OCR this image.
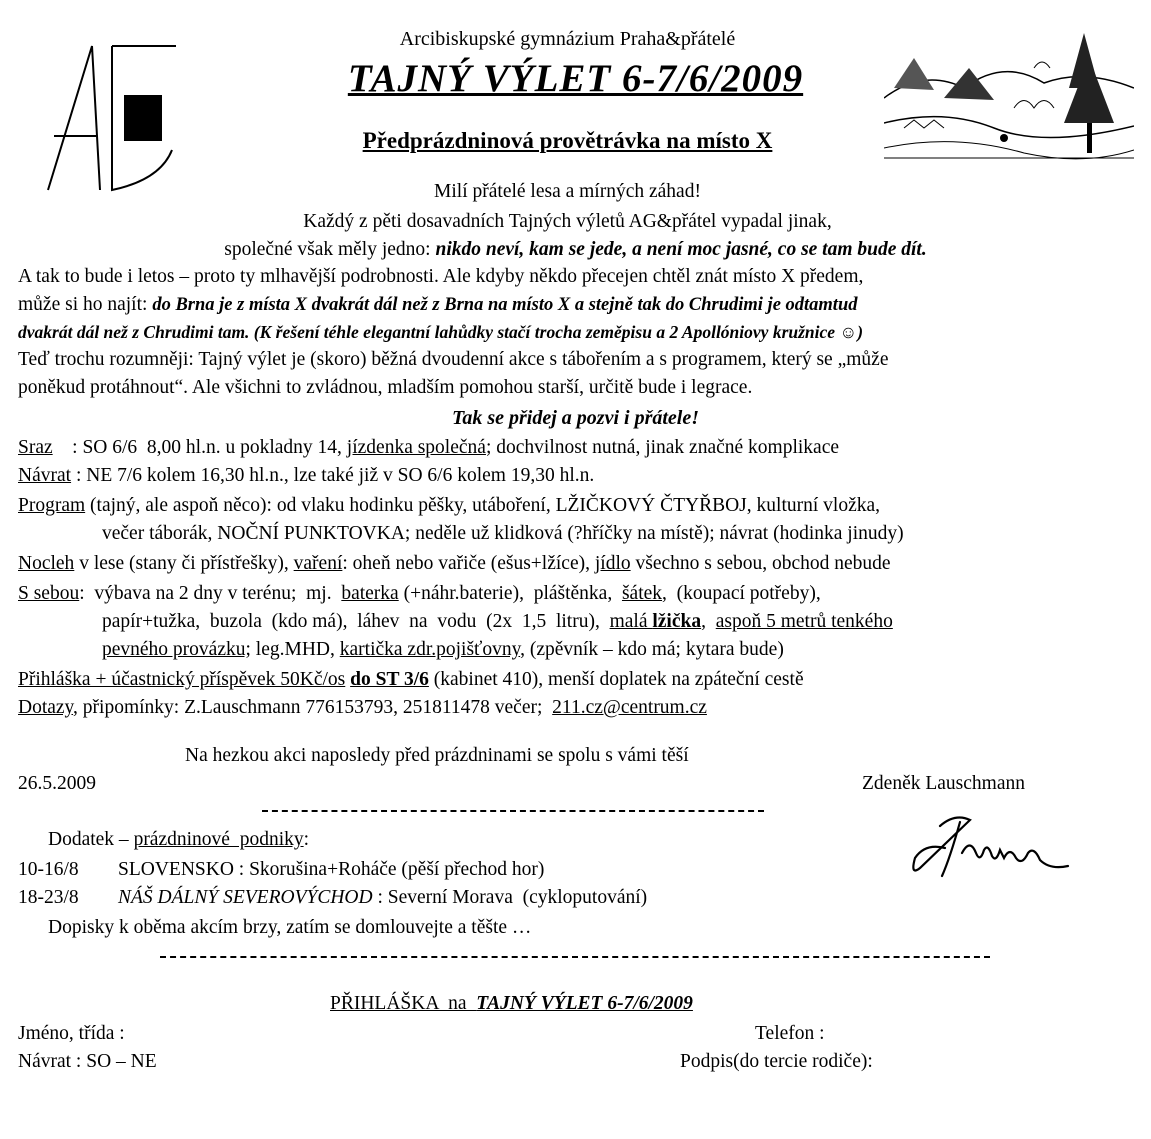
Arcibiskupské gymnázium Praha&přátelé
TAJNÝ VÝLET 6-7/6/2009
Předprázdninová provětrávka na místo X
Milí přátelé lesa a mírných záhad!
Každý z pěti dosavadních Tajných výletů AG&přátel vypadal jinak,
společné však měly jedno: nikdo neví, kam se jede, a není moc jasné, co se tam bude dít.
A tak to bude i letos – proto ty mlhavější podrobnosti. Ale kdyby někdo přecejen chtěl znát místo X předem,
může si ho najít: do Brna je z místa X dvakrát dál než z Brna na místo X a stejně tak do Chrudimi je odtamtud
dvakrát dál než z Chrudimi tam. (K řešení téhle elegantní lahůdky stačí trocha zeměpisu a 2 Apollóniovy kružnice ☺)
Teď trochu rozumněji: Tajný výlet je (skoro) běžná dvoudenní akce s tábořením a s programem, který se „může
poněkud protáhnout“. Ale všichni to zvládnou, mladším pomohou starší, určitě bude i legrace.
Tak se přidej a pozvi i přátele!
Sraz    : SO 6/6  8,00 hl.n. u pokladny 14, jízdenka společná; dochvilnost nutná, jinak značné komplikace
Návrat : NE 7/6 kolem 16,30 hl.n., lze také již v SO 6/6 kolem 19,30 hl.n.
Program (tajný, ale aspoň něco): od vlaku hodinku pěšky, utáboření, LŽIČKOVÝ ČTYŘBOJ, kulturní vložka,
večer táborák, NOČNÍ PUNKTOVKA; neděle už klidková (?hříčky na místě); návrat (hodinka jinudy)
Nocleh v lese (stany či přístřešky), vaření: oheň nebo vařiče (ešus+lžíce), jídlo všechno s sebou, obchod nebude
S sebou:  výbava na 2 dny v terénu;  mj.  baterka (+náhr.baterie),  pláštěnka,  šátek,  (koupací potřeby),
papír+tužka,  buzola  (kdo má),  láhev  na  vodu  (2x  1,5  litru),  malá lžička,  aspoň 5 metrů tenkého
pevného provázku; leg.MHD, kartička zdr.pojišťovny, (zpěvník – kdo má; kytara bude)
Přihláška + účastnický příspěvek 50Kč/os do ST 3/6 (kabinet 410), menší doplatek na zpáteční cestě
Dotazy, připomínky: Z.Lauschmann 776153793, 251811478 večer;  211.cz@centrum.cz
Na hezkou akci naposledy před prázdninami se spolu s vámi těší
26.5.2009	Zdeněk Lauschmann
Dodatek – prázdninové  podniky:
10-16/8 SLOVENSKO : Skorušina+Roháče (pěší přechod hor)
18-23/8 NÁŠ DÁLNÝ SEVEROVÝCHOD : Severní Morava  (cykloputování)
Dopisky k oběma akcím brzy, zatím se domlouvejte a těšte …
PŘIHLÁŠKA  na  TAJNÝ VÝLET 6-7/6/2009
Jméno, třída :	Telefon :
Návrat : SO – NE	Podpis(do tercie rodiče):
